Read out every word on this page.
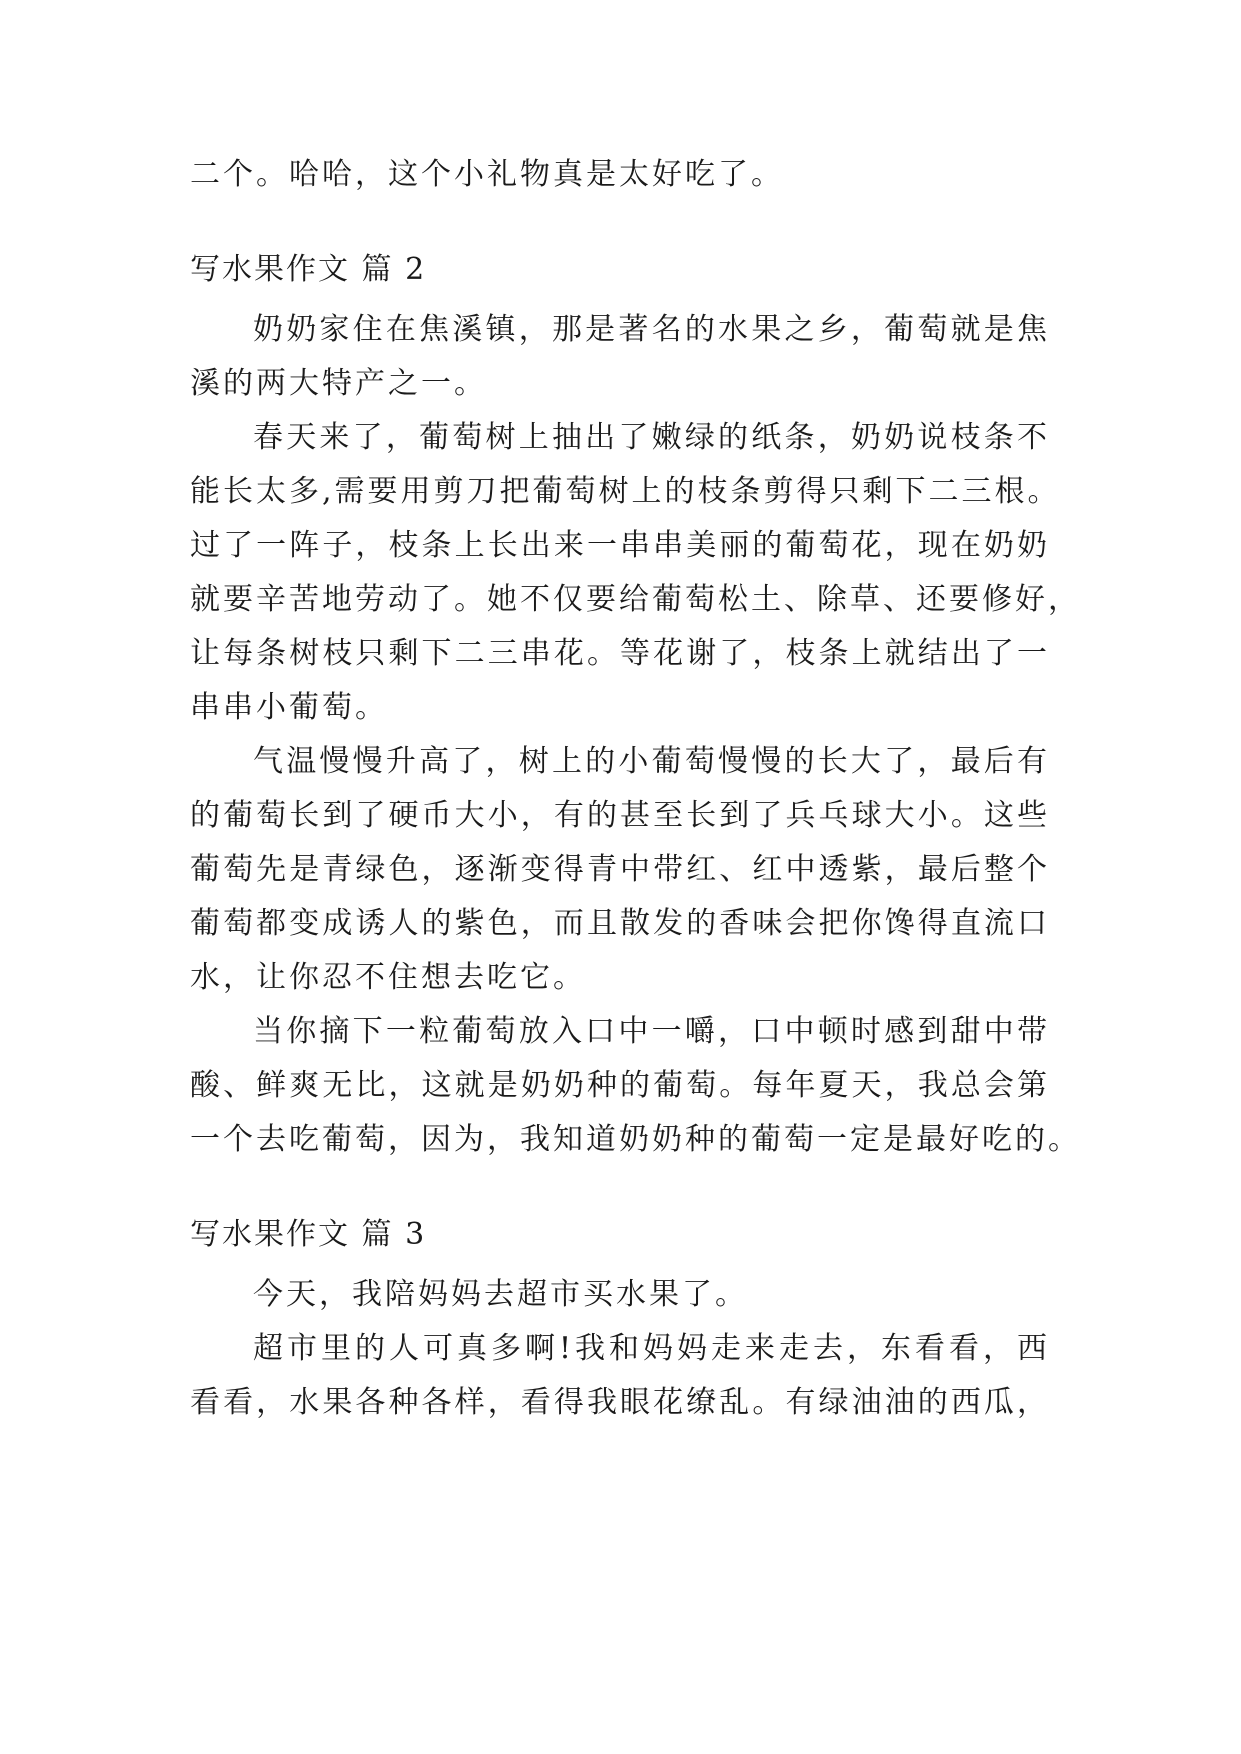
二个。哈哈，这个小礼物真是太好吃了。
写水果作文 篇 2
奶奶家住在焦溪镇，那是著名的水果之乡，葡萄就是焦
溪的两大特产之一。
春天来了，葡萄树上抽出了嫩绿的纸条，奶奶说枝条不
能长太多,需要用剪刀把葡萄树上的枝条剪得只剩下二三根。
过了一阵子，枝条上长出来一串串美丽的葡萄花，现在奶奶
就要辛苦地劳动了。她不仅要给葡萄松土、除草、还要修好，
让每条树枝只剩下二三串花。等花谢了，枝条上就结出了一
串串小葡萄。
气温慢慢升高了，树上的小葡萄慢慢的长大了，最后有
的葡萄长到了硬币大小，有的甚至长到了兵乓球大小。这些
葡萄先是青绿色，逐渐变得青中带红、红中透紫，最后整个
葡萄都变成诱人的紫色，而且散发的香味会把你馋得直流口
水，让你忍不住想去吃它。
当你摘下一粒葡萄放入口中一嚼，口中顿时感到甜中带
酸、鲜爽无比，这就是奶奶种的葡萄。每年夏天，我总会第
一个去吃葡萄，因为，我知道奶奶种的葡萄一定是最好吃的。
写水果作文 篇 3
今天，我陪妈妈去超市买水果了。
超市里的人可真多啊!我和妈妈走来走去，东看看，西
看看，水果各种各样，看得我眼花缭乱。有绿油油的西瓜，
